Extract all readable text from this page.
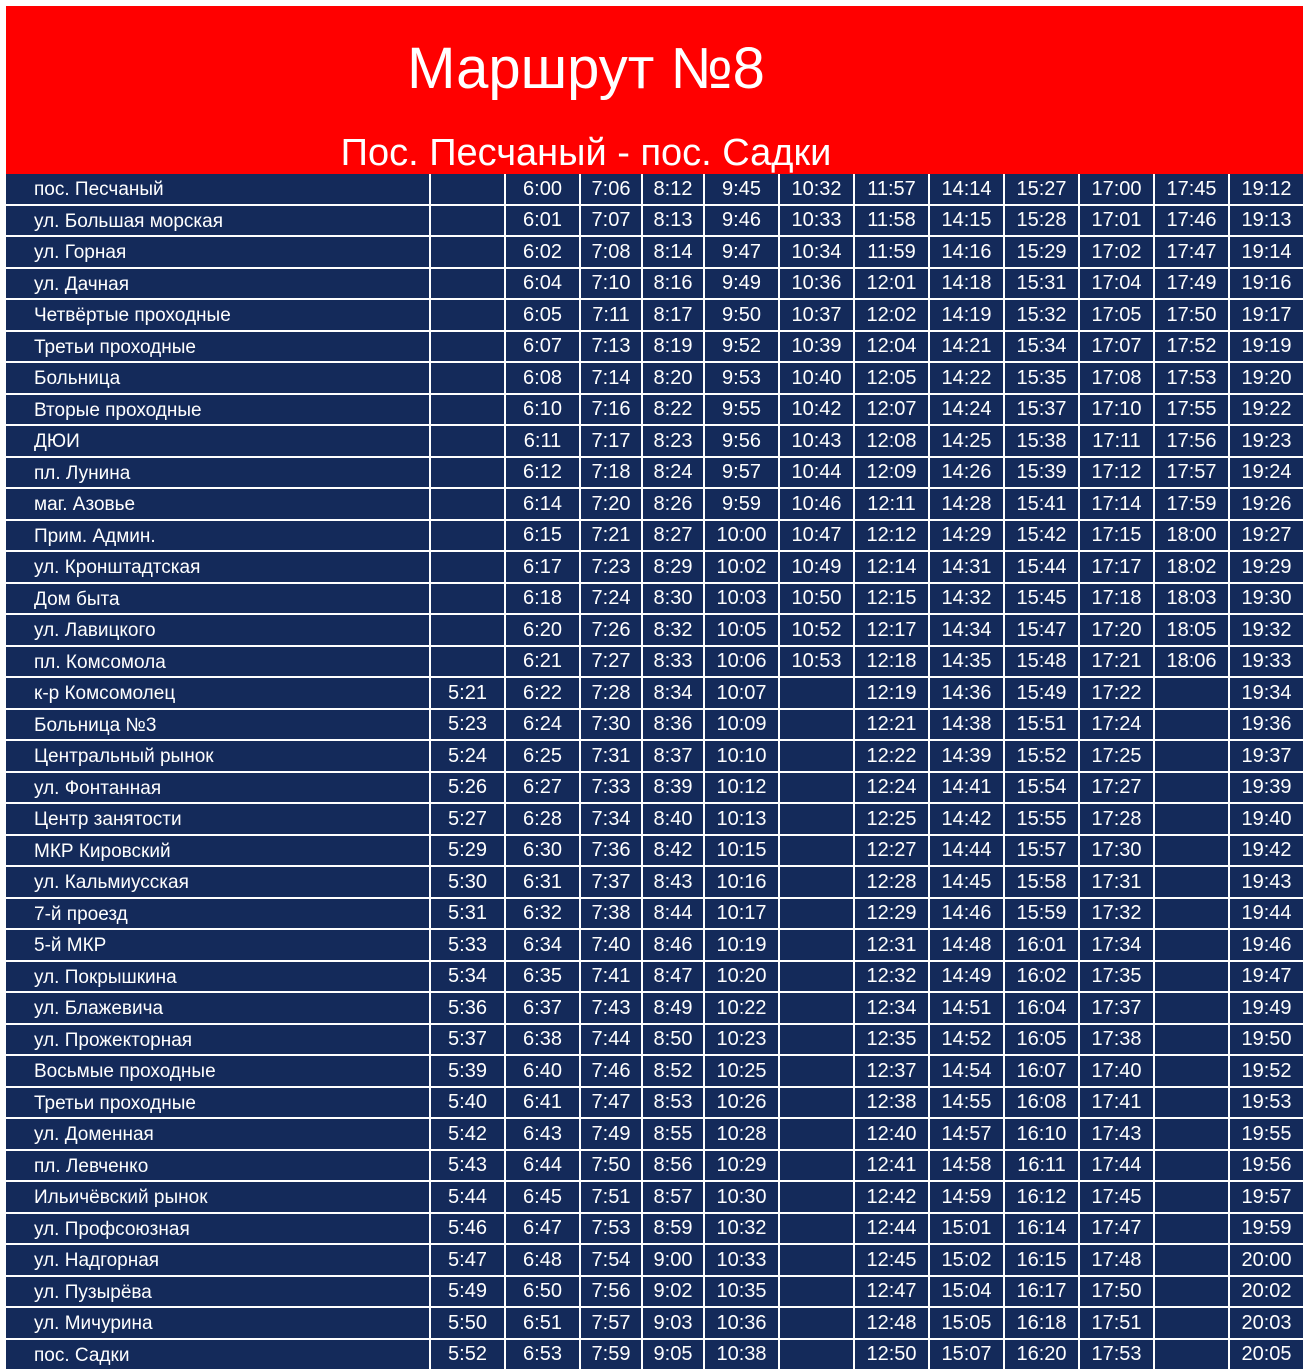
Маршрут №8
Пос. Песчаный - пос. Садки
пос. Песчаный		6:00	7:06	8:12	9:45	10:32	11:57	14:14	15:27	17:00	17:45	19:12
ул. Большая морская		6:01	7:07	8:13	9:46	10:33	11:58	14:15	15:28	17:01	17:46	19:13
ул. Горная		6:02	7:08	8:14	9:47	10:34	11:59	14:16	15:29	17:02	17:47	19:14
ул. Дачная		6:04	7:10	8:16	9:49	10:36	12:01	14:18	15:31	17:04	17:49	19:16
Четвёртые проходные		6:05	7:11	8:17	9:50	10:37	12:02	14:19	15:32	17:05	17:50	19:17
Третьи проходные		6:07	7:13	8:19	9:52	10:39	12:04	14:21	15:34	17:07	17:52	19:19
Больница		6:08	7:14	8:20	9:53	10:40	12:05	14:22	15:35	17:08	17:53	19:20
Вторые проходные		6:10	7:16	8:22	9:55	10:42	12:07	14:24	15:37	17:10	17:55	19:22
ДЮИ		6:11	7:17	8:23	9:56	10:43	12:08	14:25	15:38	17:11	17:56	19:23
пл. Лунина		6:12	7:18	8:24	9:57	10:44	12:09	14:26	15:39	17:12	17:57	19:24
маг. Азовье		6:14	7:20	8:26	9:59	10:46	12:11	14:28	15:41	17:14	17:59	19:26
Прим. Админ.		6:15	7:21	8:27	10:00	10:47	12:12	14:29	15:42	17:15	18:00	19:27
ул. Кронштадтская		6:17	7:23	8:29	10:02	10:49	12:14	14:31	15:44	17:17	18:02	19:29
Дом быта		6:18	7:24	8:30	10:03	10:50	12:15	14:32	15:45	17:18	18:03	19:30
ул. Лавицкого		6:20	7:26	8:32	10:05	10:52	12:17	14:34	15:47	17:20	18:05	19:32
пл. Комсомола		6:21	7:27	8:33	10:06	10:53	12:18	14:35	15:48	17:21	18:06	19:33
к-р Комсомолец	5:21	6:22	7:28	8:34	10:07		12:19	14:36	15:49	17:22		19:34
Больница №3	5:23	6:24	7:30	8:36	10:09		12:21	14:38	15:51	17:24		19:36
Центральный рынок	5:24	6:25	7:31	8:37	10:10		12:22	14:39	15:52	17:25		19:37
ул. Фонтанная	5:26	6:27	7:33	8:39	10:12		12:24	14:41	15:54	17:27		19:39
Центр занятости	5:27	6:28	7:34	8:40	10:13		12:25	14:42	15:55	17:28		19:40
МКР Кировский	5:29	6:30	7:36	8:42	10:15		12:27	14:44	15:57	17:30		19:42
ул. Кальмиусская	5:30	6:31	7:37	8:43	10:16		12:28	14:45	15:58	17:31		19:43
7-й проезд	5:31	6:32	7:38	8:44	10:17		12:29	14:46	15:59	17:32		19:44
5-й МКР	5:33	6:34	7:40	8:46	10:19		12:31	14:48	16:01	17:34		19:46
ул. Покрышкина	5:34	6:35	7:41	8:47	10:20		12:32	14:49	16:02	17:35		19:47
ул. Блажевича	5:36	6:37	7:43	8:49	10:22		12:34	14:51	16:04	17:37		19:49
ул. Прожекторная	5:37	6:38	7:44	8:50	10:23		12:35	14:52	16:05	17:38		19:50
Восьмые проходные	5:39	6:40	7:46	8:52	10:25		12:37	14:54	16:07	17:40		19:52
Третьи проходные	5:40	6:41	7:47	8:53	10:26		12:38	14:55	16:08	17:41		19:53
ул. Доменная	5:42	6:43	7:49	8:55	10:28		12:40	14:57	16:10	17:43		19:55
пл. Левченко	5:43	6:44	7:50	8:56	10:29		12:41	14:58	16:11	17:44		19:56
Ильичёвский рынок	5:44	6:45	7:51	8:57	10:30		12:42	14:59	16:12	17:45		19:57
ул. Профсоюзная	5:46	6:47	7:53	8:59	10:32		12:44	15:01	16:14	17:47		19:59
ул. Надгорная	5:47	6:48	7:54	9:00	10:33		12:45	15:02	16:15	17:48		20:00
ул. Пузырёва	5:49	6:50	7:56	9:02	10:35		12:47	15:04	16:17	17:50		20:02
ул. Мичурина	5:50	6:51	7:57	9:03	10:36		12:48	15:05	16:18	17:51		20:03
пос. Садки	5:52	6:53	7:59	9:05	10:38		12:50	15:07	16:20	17:53		20:05
